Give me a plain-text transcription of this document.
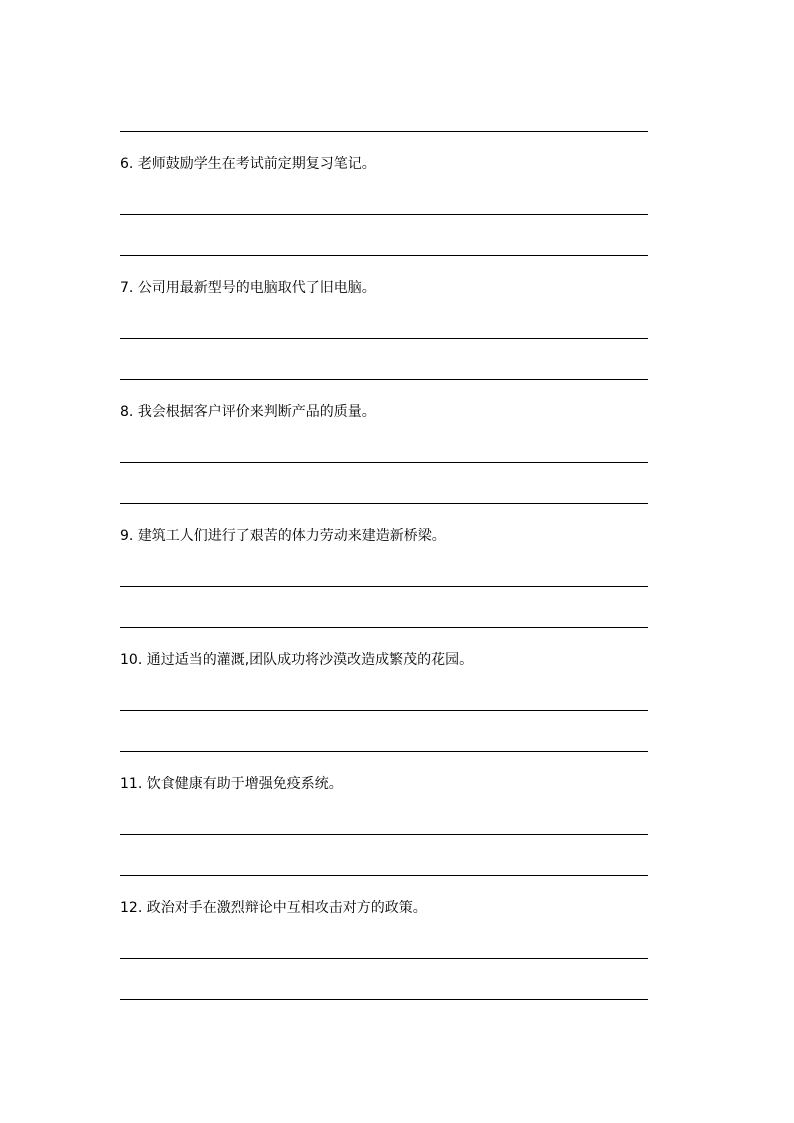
6. 老师鼓励学生在考试前定期复习笔记。
7. 公司用最新型号的电脑取代了旧电脑。
8. 我会根据客户评价来判断产品的质量。
9. 建筑工人们进行了艰苦的体力劳动来建造新桥梁。
10. 通过适当的灌溉,团队成功将沙漠改造成繁茂的花园。
11. 饮食健康有助于增强免疫系统。
12. 政治对手在激烈辩论中互相攻击对方的政策。
